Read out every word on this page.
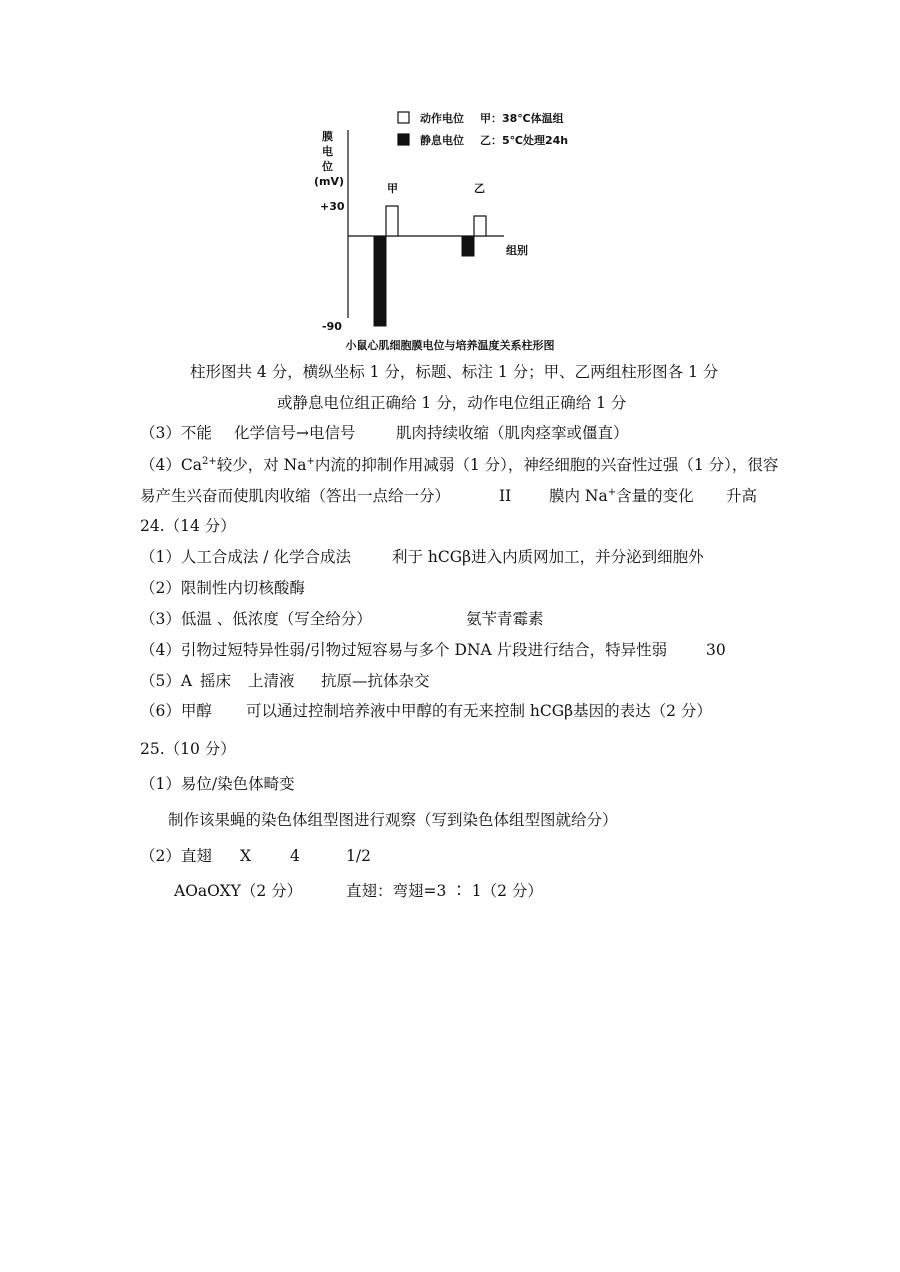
动作电位
静息电位
甲：38℃体温组
乙：5℃处理24h
膜
电
位
(mV)
+30
-90
组别
甲	乙
小鼠心肌细胞膜电位与培养温度关系柱形图
柱形图共 4 分，横纵坐标 1 分，标题、标注 1 分；甲、乙两组柱形图各 1 分
或静息电位组正确给 1 分，动作电位组正确给 1 分
（3）不能 化学信号→电信号	肌肉持续收缩（肌肉痉挛或僵直）
$(4)Ca^{2+}$较少，对 Na+内流的抑制作用减弱（1 分），神经细胞的兴奋性过强（1 分），很容
易产生兴奋而使肌肉收缩（答出一点给一分）	II 膜内 Na+含量的变化 升高
24.（14 分）
（1）人工合成法 / 化学合成法	利于 hCGβ进入内质网加工，并分泌到细胞外
（2）限制性内切核酸酶
（3）低温 、低浓度（写全给分）	氨苄青霉素
（4）引物过短特异性弱/引物过短容易与多个 DNA 片段进行结合，特异性弱	30
（5）A 摇床 上清液 抗原—抗体杂交
（6）甲醇 可以通过控制培养液中甲醇的有无来控制 hCGβ基因的表达（2 分）
25.（10 分）
（1）易位/染色体畸变
制作该果蝇的染色体组型图进行观察（写到染色体组型图就给分）
（2）直翅 X	4	1/2
AOaOXY（2 分）	直翅：弯翅=3 ∶ 1（2 分）
